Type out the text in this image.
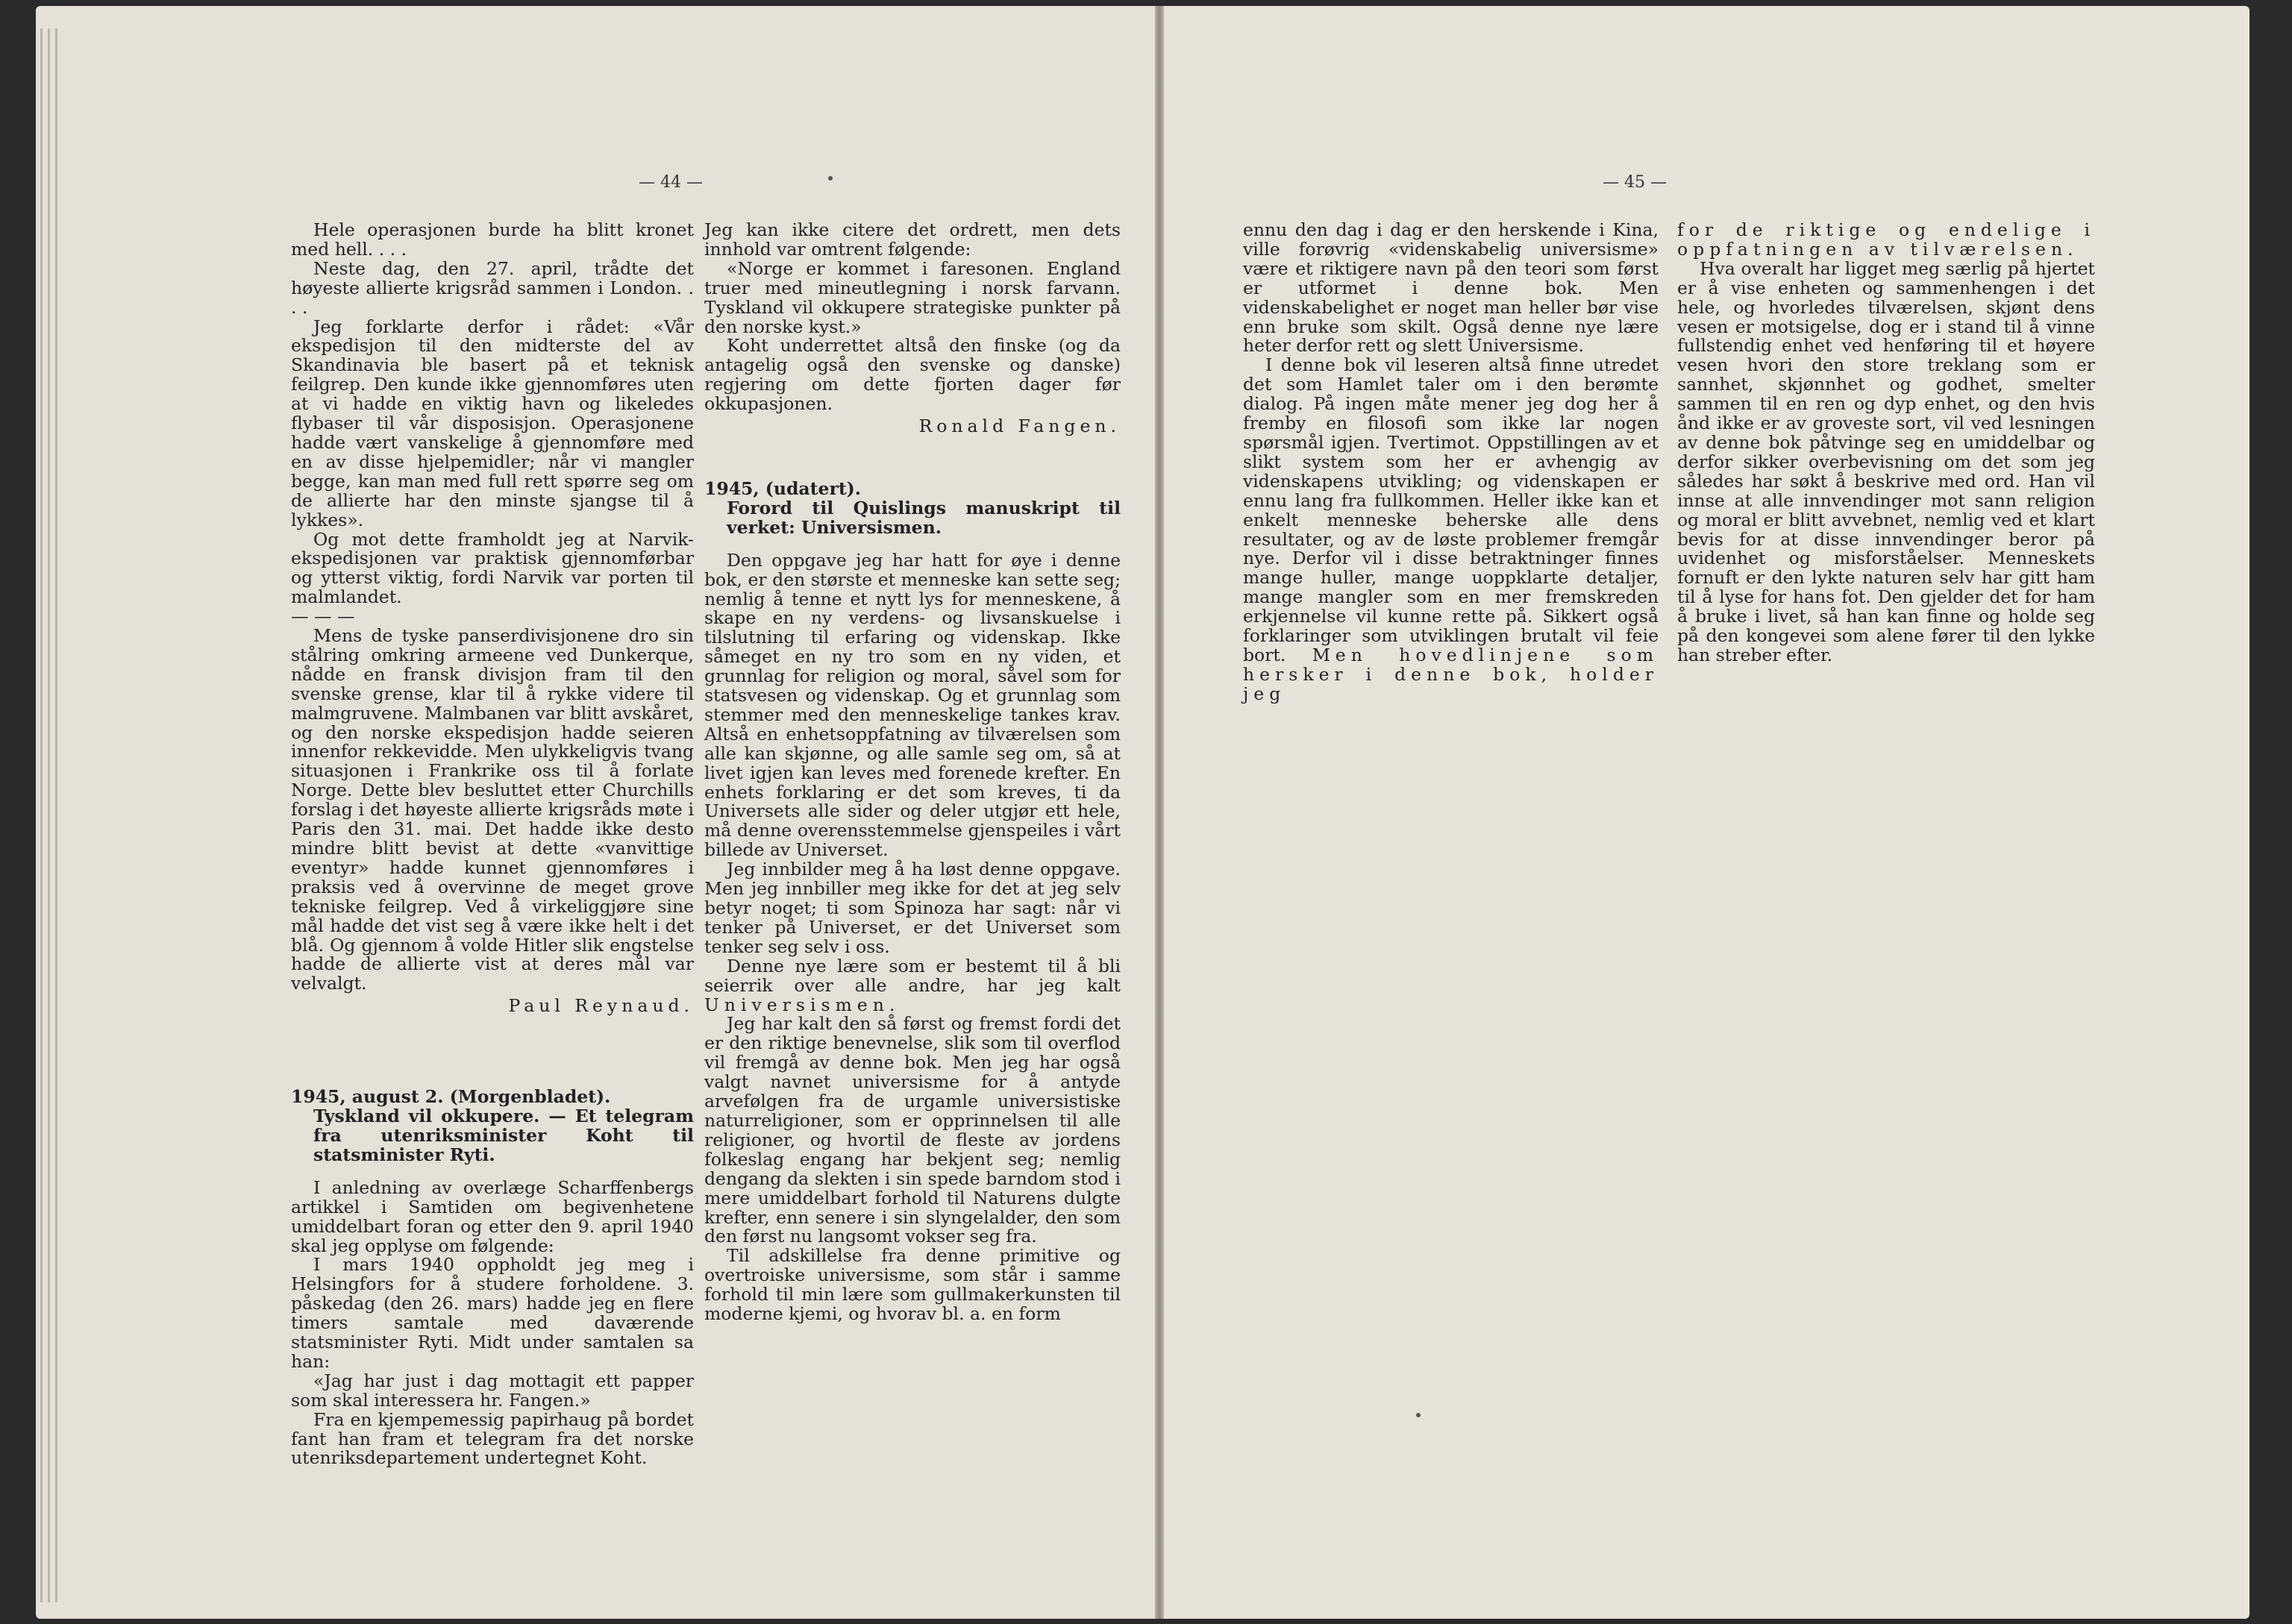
— 44 —

Hele operasjonen burde ha blitt kronet med hell. . . .

Neste dag, den 27. april, trådte det høyeste allierte krigsråd sammen i London. . . .

Jeg forklarte derfor i rådet: «Vår ekspedisjon til den midterste del av Skandinavia ble basert på et teknisk feilgrep. Den kunde ikke gjennomføres uten at vi hadde en viktig havn og likeledes flybaser til vår disposisjon. Operasjonene hadde vært vanskelige å gjennomføre med en av disse hjelpemidler; når vi mangler begge, kan man med full rett spørre seg om de allierte har den minste sjangse til å lykkes».

Og mot dette framholdt jeg at Narvik-ekspedisjonen var praktisk gjennomførbar og ytterst viktig, fordi Narvik var porten til malmlandet.

— — —

Mens de tyske panserdivisjonene dro sin stålring omkring armeene ved Dunkerque, nådde en fransk divisjon fram til den svenske grense, klar til å rykke videre til malmgruvene. Malmbanen var blitt avskåret, og den norske ekspedisjon hadde seieren innenfor rekkevidde. Men ulykkeligvis tvang situasjonen i Frankrike oss til å forlate Norge. Dette blev besluttet etter Churchills forslag i det høyeste allierte krigsråds møte i Paris den 31. mai. Det hadde ikke desto mindre blitt bevist at dette «vanvittige eventyr» hadde kunnet gjennomføres i praksis ved å overvinne de meget grove tekniske feilgrep. Ved å virkeliggjøre sine mål hadde det vist seg å være ikke helt i det blå. Og gjennom å volde Hitler slik engstelse hadde de allierte vist at deres mål var velvalgt.

Paul Reynaud.

1945, august 2. (Morgenbladet).

Tyskland vil okkupere. — Et telegram fra utenriksminister Koht til statsminister Ryti.

I anledning av overlæge Scharffenbergs artikkel i Samtiden om begivenhetene umiddelbart foran og etter den 9. april 1940 skal jeg opplyse om følgende:

I mars 1940 oppholdt jeg meg i Helsingfors for å studere forholdene. 3. påskedag (den 26. mars) hadde jeg en flere timers samtale med daværende statsminister Ryti. Midt under samtalen sa han:

«Jag har just i dag mottagit ett papper som skal interessera hr. Fangen.»

Fra en kjempemessig papirhaug på bordet fant han fram et telegram fra det norske utenriksdepartement undertegnet Koht.

Jeg kan ikke citere det ordrett, men dets innhold var omtrent følgende:

«Norge er kommet i faresonen. England truer med mineutlegning i norsk farvann. Tyskland vil okkupere strategiske punkter på den norske kyst.»

Koht underrettet altså den finske (og da antagelig også den svenske og danske) regjering om dette fjorten dager før okkupasjonen.

Ronald Fangen.

1945, (udatert).

Forord til Quislings manuskript til verket: Universismen.

Den oppgave jeg har hatt for øye i denne bok, er den største et menneske kan sette seg; nemlig å tenne et nytt lys for menneskene, å skape en ny verdens- og livsanskuelse i tilslutning til erfaring og videnskap. Ikke såmeget en ny tro som en ny viden, et grunnlag for religion og moral, såvel som for statsvesen og videnskap. Og et grunnlag som stemmer med den menneskelige tankes krav. Altså en enhetsoppfatning av tilværelsen som alle kan skjønne, og alle samle seg om, så at livet igjen kan leves med forenede krefter. En enhets forklaring er det som kreves, ti da Universets alle sider og deler utgjør ett hele, må denne overensstemmelse gjenspeiles i vårt billede av Universet.

Jeg innbilder meg å ha løst denne oppgave. Men jeg innbiller meg ikke for det at jeg selv betyr noget; ti som Spinoza har sagt: når vi tenker på Universet, er det Universet som tenker seg selv i oss.

Denne nye lære som er bestemt til å bli seierrik over alle andre, har jeg kalt Universismen.

Jeg har kalt den så først og fremst fordi det er den riktige benevnelse, slik som til overflod vil fremgå av denne bok. Men jeg har også valgt navnet universisme for å antyde arvefølgen fra de urgamle universistiske naturreligioner, som er opprinnelsen til alle religioner, og hvortil de fleste av jordens folkeslag engang har bekjent seg; nemlig dengang da slekten i sin spede barndom stod i mere umiddelbart forhold til Naturens dulgte krefter, enn senere i sin slyngelalder, den som den først nu langsomt vokser seg fra.

Til adskillelse fra denne primitive og overtroiske universisme, som står i samme forhold til min lære som gullmakerkunsten til moderne kjemi, og hvorav bl. a. en form

— 45 —

ennu den dag i dag er den herskende i Kina, ville forøvrig «videnskabelig universisme» være et riktigere navn på den teori som først er utformet i denne bok. Men videnskabelighet er noget man heller bør vise enn bruke som skilt. Også denne nye lære heter derfor rett og slett Universisme.

I denne bok vil leseren altså finne utredet det som Hamlet taler om i den berømte dialog. På ingen måte mener jeg dog her å fremby en filosofi som ikke lar nogen spørsmål igjen. Tvertimot. Oppstillingen av et slikt system som her er avhengig av videnskapens utvikling; og videnskapen er ennu lang fra fullkommen. Heller ikke kan et enkelt menneske beherske alle dens resultater, og av de løste problemer fremgår nye. Derfor vil i disse betraktninger finnes mange huller, mange uoppklarte detaljer, mange mangler som en mer fremskreden erkjennelse vil kunne rette på. Sikkert også forklaringer som utviklingen brutalt vil feie bort. Men hovedlinjene som hersker i denne bok, holder jeg

for de riktige og endelige i oppfatningen av tilværelsen.

Hva overalt har ligget meg særlig på hjertet er å vise enheten og sammenhengen i det hele, og hvorledes tilværelsen, skjønt dens vesen er motsigelse, dog er i stand til å vinne fullstendig enhet ved henføring til et høyere vesen hvori den store treklang som er sannhet, skjønnhet og godhet, smelter sammen til en ren og dyp enhet, og den hvis ånd ikke er av groveste sort, vil ved lesningen av denne bok påtvinge seg en umiddelbar og derfor sikker overbevisning om det som jeg således har søkt å beskrive med ord. Han vil innse at alle innvendinger mot sann religion og moral er blitt avvebnet, nemlig ved et klart bevis for at disse innvendinger beror på uvidenhet og misforståelser. Menneskets fornuft er den lykte naturen selv har gitt ham til å lyse for hans fot. Den gjelder det for ham å bruke i livet, så han kan finne og holde seg på den kongevei som alene fører til den lykke han streber efter.
